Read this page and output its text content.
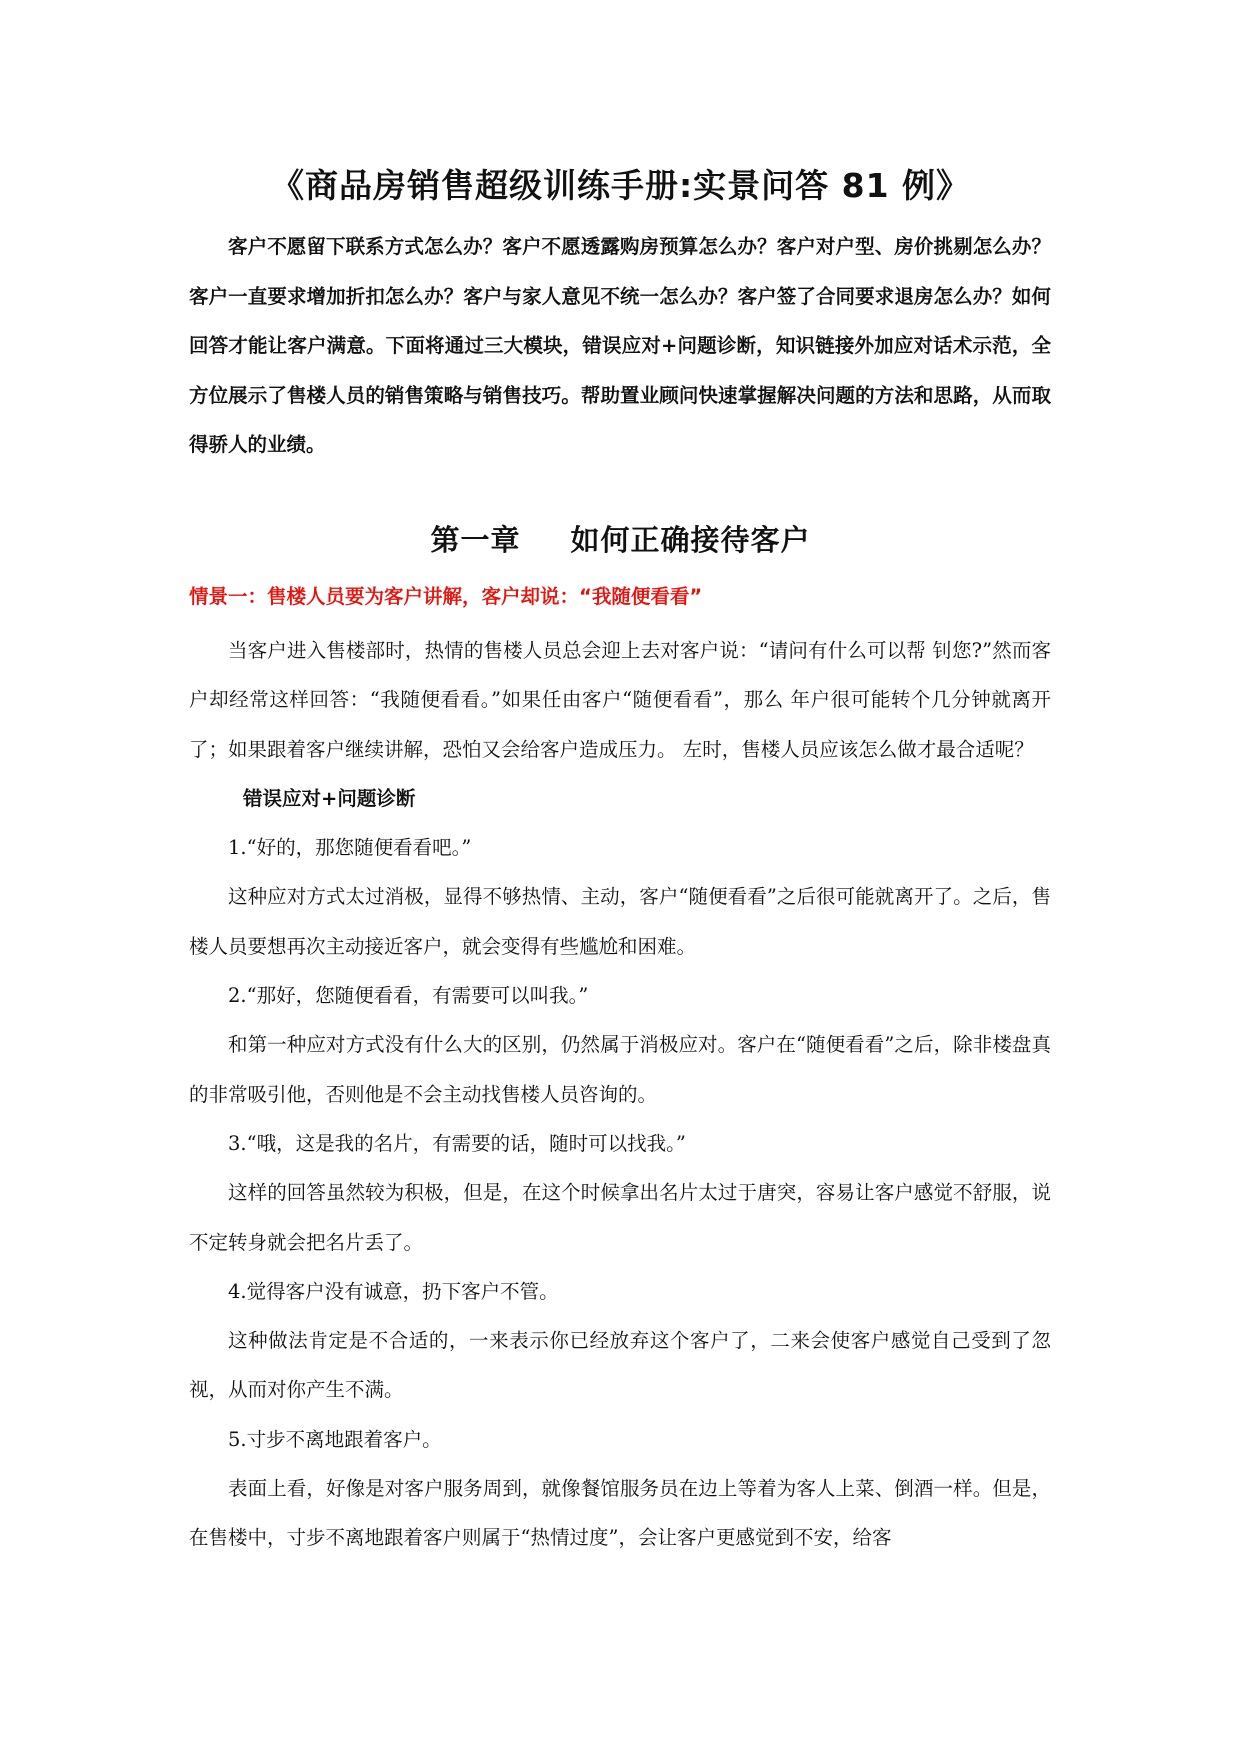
《商品房销售超级训练手册:实景问答 81 例》

客户不愿留下联系方式怎么办？客户不愿透露购房预算怎么办？客户对户型、房价挑剔怎么办？客户一直要求增加折扣怎么办？客户与家人意见不统一怎么办？客户签了合同要求退房怎么办？如何回答才能让客户满意。下面将通过三大模块，错误应对+问题诊断，知识链接外加应对话术示范，全方位展示了售楼人员的销售策略与销售技巧。帮助置业顾问快速掌握解决问题的方法和思路，从而取得骄人的业绩。

第一章 如何正确接待客户

情景一：售楼人员要为客户讲解，客户却说：“我随便看看”

当客户进入售楼部时，热情的售楼人员总会迎上去对客户说：“请问有什么可以帮 钊您?”然而客户却经常这样回答：“我随便看看。”如果任由客户“随便看看”，那么 年户很可能转个几分钟就离开了；如果跟着客户继续讲解，恐怕又会给客户造成压力。 左时，售楼人员应该怎么做才最合适呢？

错误应对+问题诊断

1.“好的，那您随便看看吧。”

这种应对方式太过消极，显得不够热情、主动，客户“随便看看”之后很可能就离开了。之后，售楼人员要想再次主动接近客户，就会变得有些尴尬和困难。

2.“那好，您随便看看，有需要可以叫我。”

和第一种应对方式没有什么大的区别，仍然属于消极应对。客户在“随便看看”之后，除非楼盘真的非常吸引他，否则他是不会主动找售楼人员咨询的。

3.“哦，这是我的名片，有需要的话，随时可以找我。”

这样的回答虽然较为积极，但是，在这个时候拿出名片太过于唐突，容易让客户感觉不舒服，说不定转身就会把名片丢了。

4.觉得客户没有诚意，扔下客户不管。

这种做法肯定是不合适的，一来表示你已经放弃这个客户了，二来会使客户感觉自己受到了忽视，从而对你产生不满。

5.寸步不离地跟着客户。

表面上看，好像是对客户服务周到，就像餐馆服务员在边上等着为客人上菜、倒酒一样。但是，在售楼中，寸步不离地跟着客户则属于“热情过度”，会让客户更感觉到不安，给客
